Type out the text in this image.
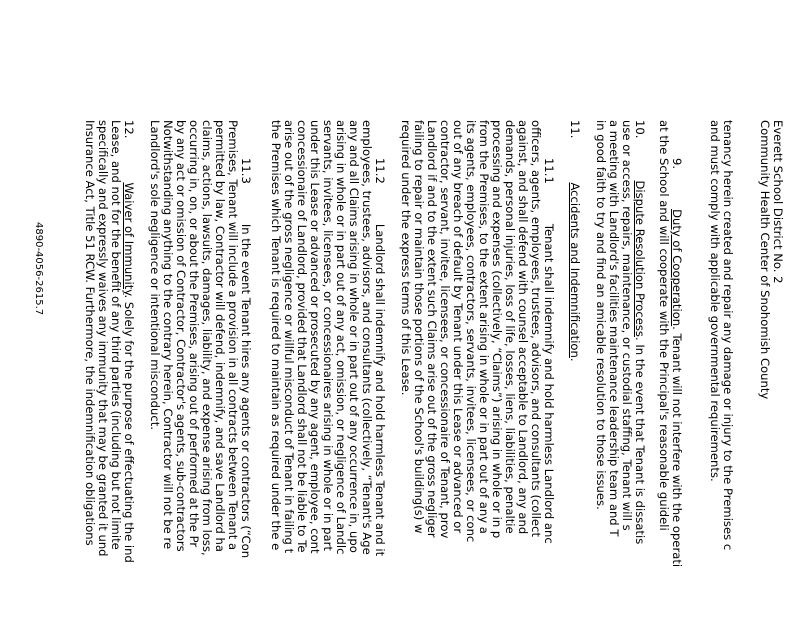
Everett School District No. 2
Community Health Center of Snohomish County
tenancy herein created and repair any damage or injury to the Premises c
and must comply with applicable governmental requirements.
9.Duty of Cooperation. Tenant will not interfere with the operati
at the School and will cooperate with the Principal's reasonable guideli
10.Dispute Resolution Process. In the event that Tenant is dissatis
use or access, repairs, maintenance, or custodial staffing, Tenant will s
a meeting with Landlord's facilities maintenance leadership team and T
in good faith to try and find an amicable resolution to those issues.
11.Accidents and Indemnification.
11.1Tenant shall indemnify and hold harmless Landlord anc
officers, agents, employees, trustees, advisors, and consultants (collect
against, and shall defend with counsel acceptable to Landlord, any and
demands, personal injuries, loss of life, losses, liens, liabilities, penaltie
processing and expenses (collectively, “Claims”) arising in whole or in p
from the Premises, to the extent arising in whole or in part out of any a
its agents, employees, contractors, servants, invitees, licensees, or conc
out of any breach of default by Tenant under this Lease or advanced or
contractor, servant, invitee, licensees, or concessionaire of Tenant, prov
Landlord if and to the extent such Claims arise out of the gross negliger
failing to repair or maintain those portions of the School's building(s) w
required under the express terms of this Lease.
11.2Landlord shall indemnify and hold harmless Tenant and it
employees, trustees, advisors, and consultants (collectively, “Tenant's Age
any and all Claims arising in whole or in part out of any occurrence in, upo
arising in whole or in part out of any act, omission, or negligence of Landlc
servants, invitees, licensees, or concessionaires arising in whole or in part
under this Lease or advanced or prosecuted by any agent, employee, cont
concessionaire of Landlord, provided that Landlord shall not be liable to Te
arise out of the gross negligence or willful misconduct of Tenant in failing t
the Premises which Tenant is required to maintain as required under the e
11.3In the event Tenant hires any agents or contractors (“Con
Premises, Tenant will include a provision in all contracts between Tenant a
permitted by law, Contractor will defend, indemnify, and save Landlord ha
claims, actions, lawsuits, damages, liability, and expense arising from loss,
occurring in, on, or about the Premises, arising out of performed at the Pr
by any act or omission of Contractor, Contractor's agents, sub-contractors
Notwithstanding anything to the contrary herein, Contractor will not be re
Landlord's sole negligence or intentional misconduct.
12.Waiver of Immunity. Solely for the purpose of effectuating the ind
Lease, and not for the benefit of any third parties (including but not limite
specifically and expressly waives any immunity that may be granted it und
Insurance Act, Title 51 RCW. Furthermore, the indemnification obligations
4890-4056-2615.7
